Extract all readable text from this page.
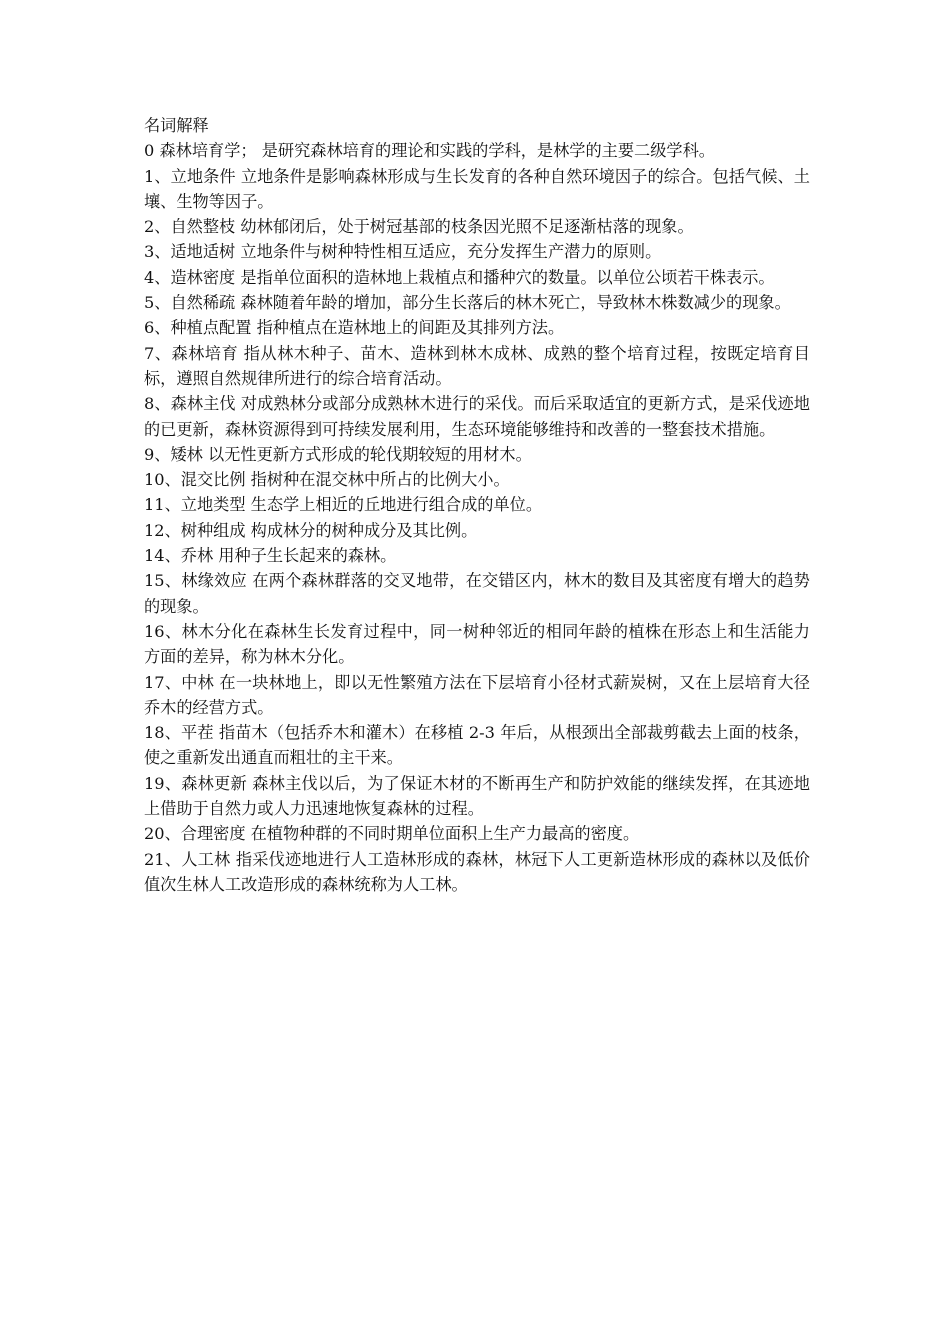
名词解释

0 森林培育学； 是研究森林培育的理论和实践的学科，是林学的主要二级学科。

1、立地条件 立地条件是影响森林形成与生长发育的各种自然环境因子的综合。包括气候、土壤、生物等因子。

2、自然整枝 幼林郁闭后，处于树冠基部的枝条因光照不足逐渐枯落的现象。

3、适地适树 立地条件与树种特性相互适应，充分发挥生产潜力的原则。

4、造林密度 是指单位面积的造林地上栽植点和播种穴的数量。以单位公顷若干株表示。

5、自然稀疏 森林随着年龄的增加，部分生长落后的林木死亡，导致林木株数减少的现象。

6、种植点配置 指种植点在造林地上的间距及其排列方法。

7、森林培育 指从林木种子、苗木、造林到林木成林、成熟的整个培育过程，按既定培育目标，遵照自然规律所进行的综合培育活动。

8、森林主伐 对成熟林分或部分成熟林木进行的采伐。而后采取适宜的更新方式，是采伐迹地的已更新，森林资源得到可持续发展利用，生态环境能够维持和改善的一整套技术措施。

9、矮林 以无性更新方式形成的轮伐期较短的用材木。

10、混交比例 指树种在混交林中所占的比例大小。

11、立地类型 生态学上相近的丘地进行组合成的单位。

12、树种组成 构成林分的树种成分及其比例。

14、乔林 用种子生长起来的森林。

15、林缘效应 在两个森林群落的交叉地带，在交错区内，林木的数目及其密度有增大的趋势的现象。

16、林木分化在森林生长发育过程中，同一树种邻近的相同年龄的植株在形态上和生活能力方面的差异，称为林木分化。

17、中林 在一块林地上，即以无性繁殖方法在下层培育小径材式薪炭树，又在上层培育大径乔木的经营方式。

18、平茬 指苗木（包括乔木和灌木）在移植 2-3 年后，从根颈出全部裁剪截去上面的枝条，使之重新发出通直而粗壮的主干来。

19、森林更新 森林主伐以后，为了保证木材的不断再生产和防护效能的继续发挥，在其迹地上借助于自然力或人力迅速地恢复森林的过程。

20、合理密度 在植物种群的不同时期单位面积上生产力最高的密度。

21、人工林 指采伐迹地进行人工造林形成的森林，林冠下人工更新造林形成的森林以及低价值次生林人工改造形成的森林统称为人工林。
